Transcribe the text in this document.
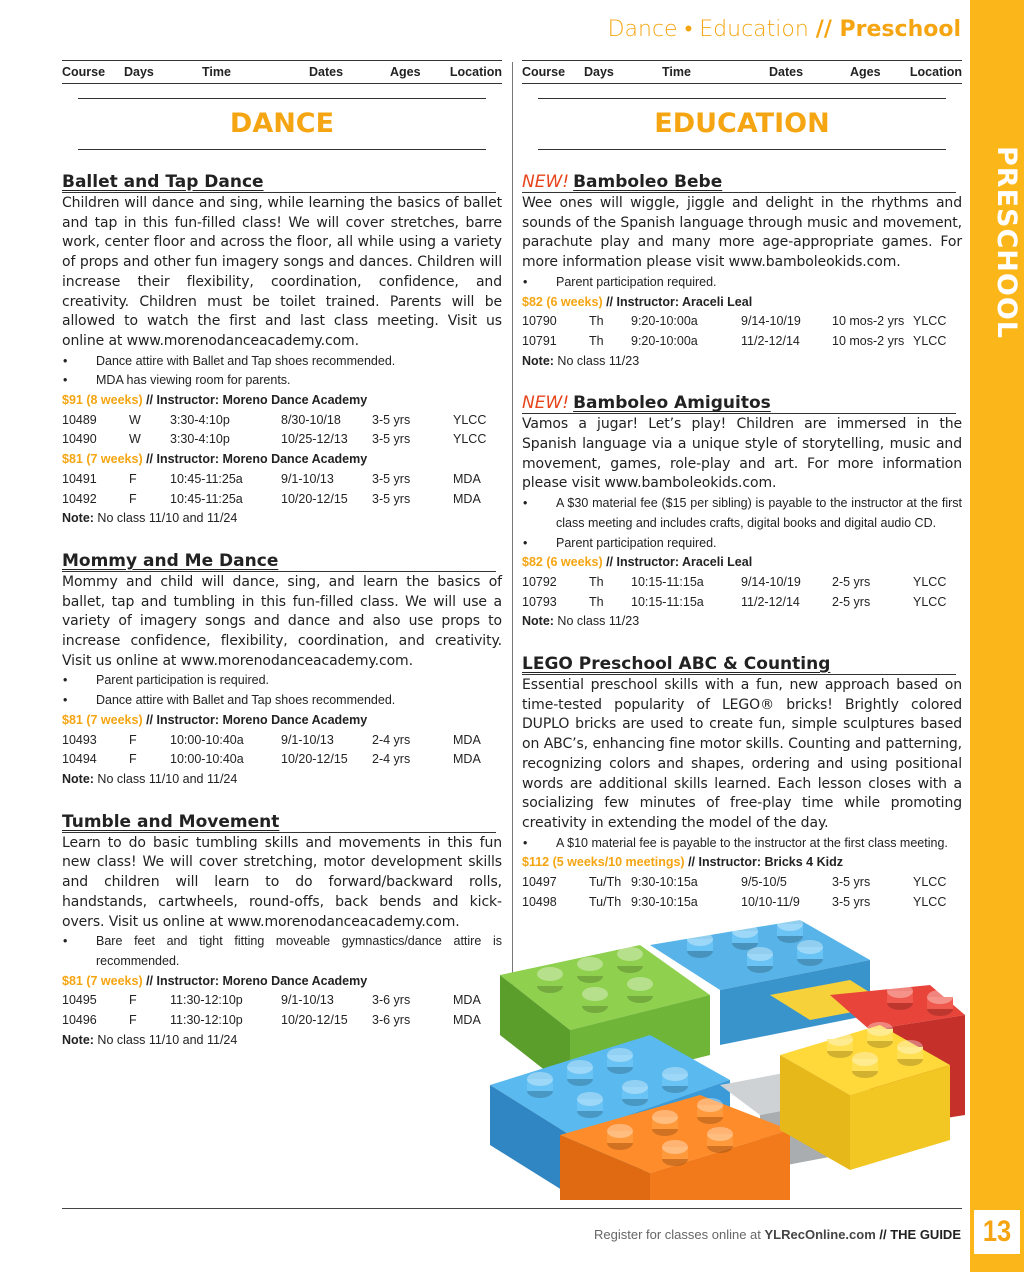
PRESCHOOL
13
Dance • Education // Preschool
Course	Days	Time	Dates	Ages	Location
DANCE
Ballet and Tap Dance
Children will dance and sing, while learning the basics of ballet and tap in this fun-filled class! We will cover stretches, barre work, center floor and across the floor, all while using a variety of props and other fun imagery songs and dances. Children will increase their flexibility, coordination, confidence, and creativity. Children must be toilet trained. Parents will be allowed to watch the first and last class meeting. Visit us online at www.morenodanceacademy.com.
•	Dance attire with Ballet and Tap shoes recommended.
•	MDA has viewing room for parents.
$91 (8 weeks) // Instructor: Moreno Dance Academy
10489	W	3:30-4:10p	8/30-10/18	3-5 yrs	YLCC
10490	W	3:30-4:10p	10/25-12/13	3-5 yrs	YLCC
$81 (7 weeks) // Instructor: Moreno Dance Academy
10491	F	10:45-11:25a	9/1-10/13	3-5 yrs	MDA
10492	F	10:45-11:25a	10/20-12/15	3-5 yrs	MDA
Note: No class 11/10 and 11/24
Mommy and Me Dance
Mommy and child will dance, sing, and learn the basics of ballet, tap and tumbling in this fun-filled class. We will use a variety of imagery songs and dance and also use props to increase confidence, flexibility, coordination, and creativity. Visit us online at www.morenodanceacademy.com.
•	Parent participation is required.
•	Dance attire with Ballet and Tap shoes recommended.
$81 (7 weeks) // Instructor: Moreno Dance Academy
10493	F	10:00-10:40a	9/1-10/13	2-4 yrs	MDA
10494	F	10:00-10:40a	10/20-12/15	2-4 yrs	MDA
Note: No class 11/10 and 11/24
Tumble and Movement
Learn to do basic tumbling skills and movements in this fun new class! We will cover stretching, motor development skills and children will learn to do forward/backward rolls, handstands, cartwheels, round-offs, back bends and kick-overs. Visit us online at www.morenodanceacademy.com.
•	Bare feet and tight fitting moveable gymnastics/dance attire is recommended.
$81 (7 weeks) // Instructor: Moreno Dance Academy
10495	F	11:30-12:10p	9/1-10/13	3-6 yrs	MDA
10496	F	11:30-12:10p	10/20-12/15	3-6 yrs	MDA
Note: No class 11/10 and 11/24
Course	Days	Time	Dates	Ages	Location
EDUCATION
NEW! Bamboleo Bebe
Wee ones will wiggle, jiggle and delight in the rhythms and sounds of the Spanish language through music and movement, parachute play and many more age-appropriate games. For more information please visit www.bamboleokids.com.
•	Parent participation required.
$82 (6 weeks) // Instructor: Araceli Leal
10790	Th	9:20-10:00a	9/14-10/19	10 mos-2 yrs YLCC
10791	Th	9:20-10:00a	11/2-12/14	10 mos-2 yrs YLCC
Note: No class 11/23
NEW! Bamboleo Amiguitos
Vamos a jugar! Let’s play! Children are immersed in the Spanish language via a unique style of storytelling, music and movement, games, role-play and art. For more information please visit www.bamboleokids.com.
•	A $30 material fee ($15 per sibling) is payable to the instructor at the first class meeting and includes crafts, digital books and digital audio CD.
•	Parent participation required.
$82 (6 weeks) // Instructor: Araceli Leal
10792	Th	10:15-11:15a	9/14-10/19	2-5 yrs	YLCC
10793	Th	10:15-11:15a	11/2-12/14	2-5 yrs	YLCC
Note: No class 11/23
LEGO Preschool ABC & Counting
Essential preschool skills with a fun, new approach based on time-tested popularity of LEGO® bricks! Brightly colored DUPLO bricks are used to create fun, simple sculptures based on ABC’s, enhancing fine motor skills. Counting and patterning, recognizing colors and shapes, ordering and using positional words are additional skills learned. Each lesson closes with a socializing few minutes of free-play time while promoting creativity in extending the model of the day.
•	A $10 material fee is payable to the instructor at the first class meeting.
$112 (5 weeks/10 meetings) // Instructor: Bricks 4 Kidz
10497	Tu/Th 9:30-10:15a	9/5-10/5	3-5 yrs	YLCC
10498	Tu/Th 9:30-10:15a	10/10-11/9	3-5 yrs	YLCC
Register for classes online at YLRecOnline.com // THE GUIDE
